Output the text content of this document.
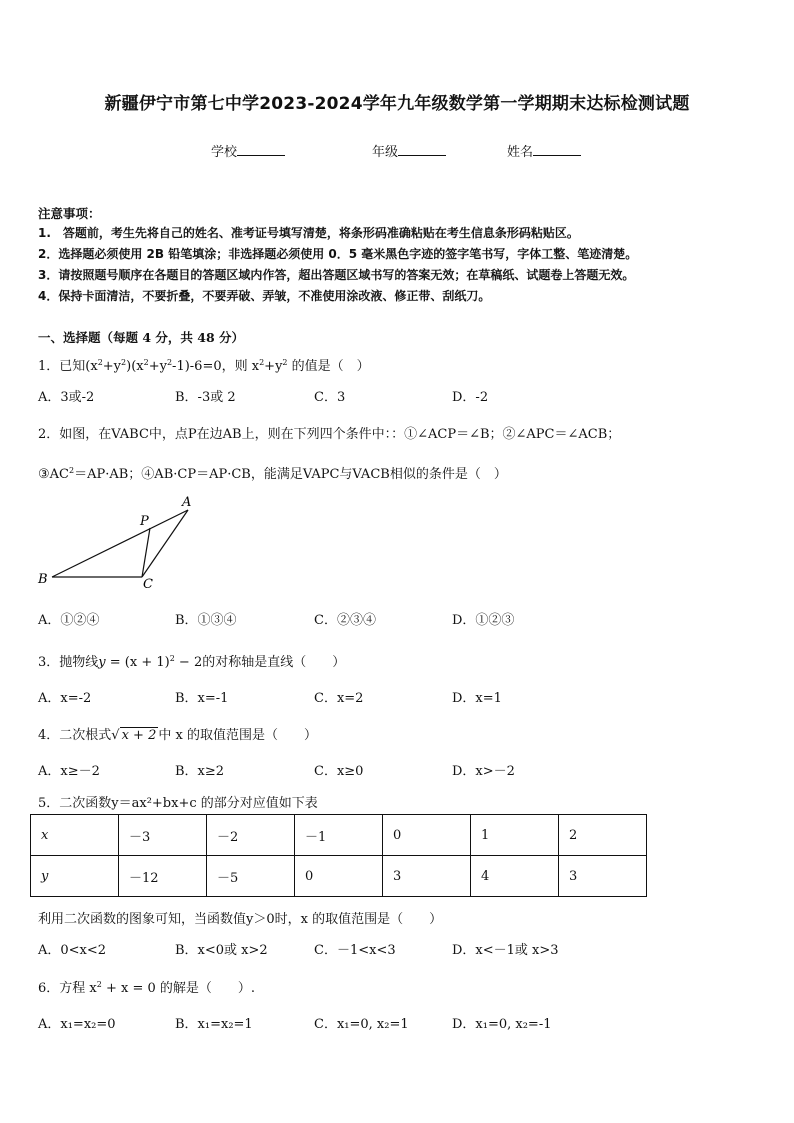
新疆伊宁市第七中学2023-2024学年九年级数学第一学期期末达标检测试题
学校	年级	姓名
注意事项：
1.　答题前，考生先将自己的姓名、准考证号填写清楚，将条形码准确粘贴在考生信息条形码粘贴区。
2．选择题必须使用 2B 铅笔填涂；非选择题必须使用 0．5 毫米黑色字迹的签字笔书写，字体工整、笔迹清楚。
3．请按照题号顺序在各题目的答题区域内作答，超出答题区域书写的答案无效；在草稿纸、试题卷上答题无效。
4．保持卡面清洁，不要折叠，不要弄破、弄皱，不准使用涂改液、修正带、刮纸刀。
一、选择题（每题 4 分，共 48 分）
1．已知$(x^2+y^2)(x^2+y^2-1)-6=0$，则 $x^2+y^2$ 的值是（　）
A．3或-2	B．-3或 2	C．3	D．-2
2．如图，在VABC中，点P在边AB上，则在下列四个条件中：：①∠ACP＝∠B；②∠APC＝∠ACB；
$③AC^2=AP\cdot AB$；④AB·CP＝AP·CB，能满足VAPC与VACB相似的条件是（　）
A
B	C
P
A．①②④	B．①③④	C．②③④	D．①②③
3．抛物线$y = (x + 1)^2 - 2$的对称轴是直线（　　）
A．x=-2	B．x=-1	C．x=2	D．x=1
4．二次根式√ x + 2 中 x 的取值范围是（　　）
A．x≥－2	B．x≥2	C．x≥0	D．x>－2
5．二次函数y＝ax²+bx+c 的部分对应值如下表
x	－3	－2	－1	0	1	2
y	－12	－5	0	3	4	3
利用二次函数的图象可知，当函数值y＞0时，x 的取值范围是（　　）
A．0<x<2	B．x<0或 x>2	C．－1<x<3	D．x<－1或 x>3
6．方程 $x^2 + x = 0$ 的解是（　　）.
A．x₁=x₂=0	B．x₁=x₂=1	C．x₁=0, x₂=1	D．x₁=0, x₂=-1
